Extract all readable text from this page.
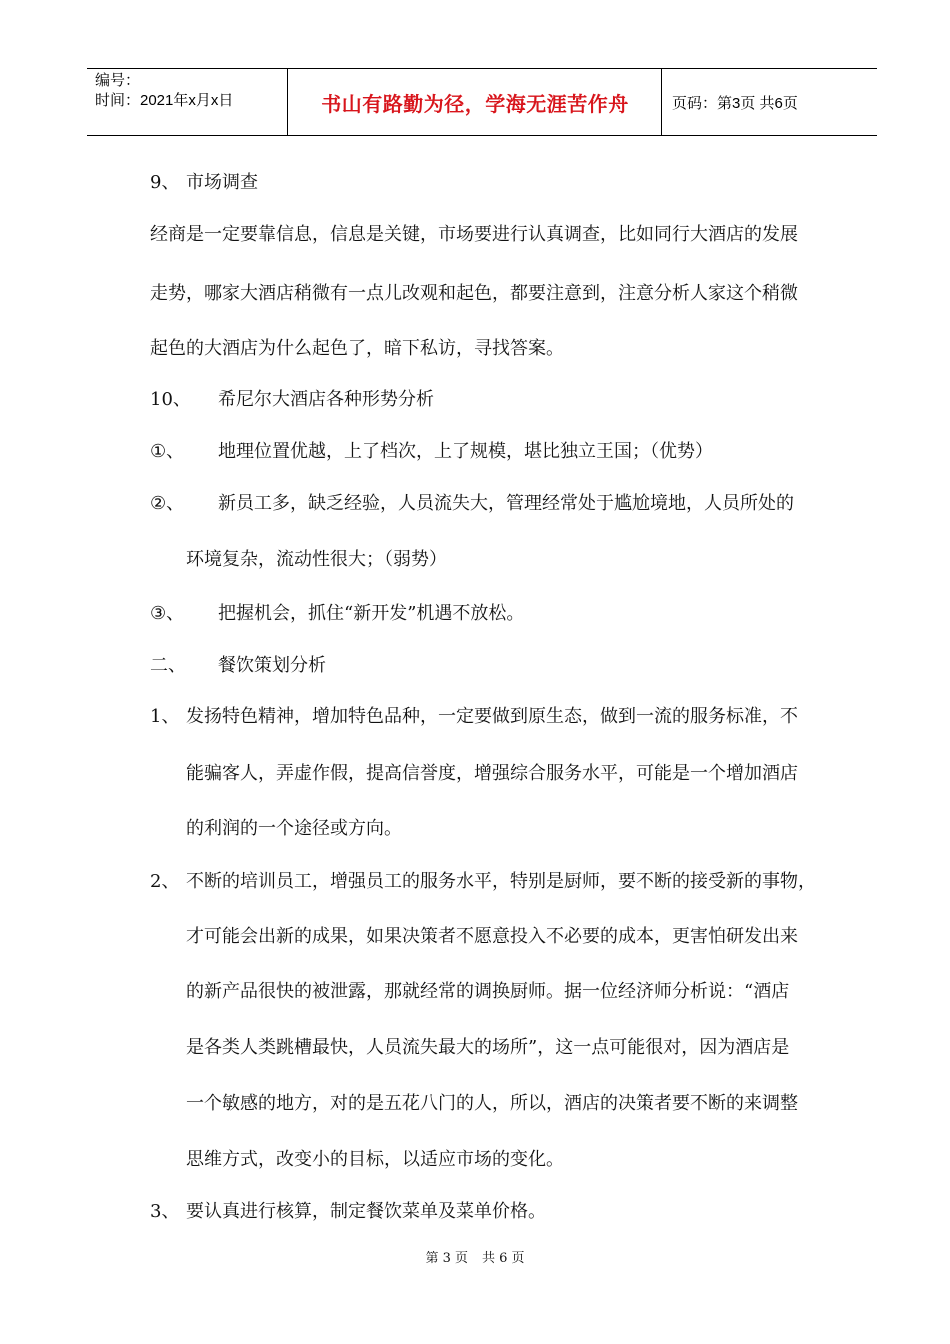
编号：
时间：2021年x月x日	书山有路勤为径，学海无涯苦作舟	页码：第3页 共6页
9、 市场调查
经商是一定要靠信息，信息是关键，市场要进行认真调查，比如同行大酒店的发展
走势，哪家大酒店稍微有一点儿改观和起色，都要注意到，注意分析人家这个稍微
起色的大酒店为什么起色了，暗下私访，寻找答案。
10、 希尼尔大酒店各种形势分析
①、 地理位置优越，上了档次，上了规模，堪比独立王国；（优势）
②、 新员工多，缺乏经验，人员流失大，管理经常处于尴尬境地，人员所处的
环境复杂，流动性很大；（弱势）
③、 把握机会，抓住“新开发”机遇不放松。
二、 餐饮策划分析
1、 发扬特色精神，增加特色品种，一定要做到原生态，做到一流的服务标准，不
能骗客人，弄虚作假，提高信誉度，增强综合服务水平，可能是一个增加酒店
的利润的一个途径或方向。
2、 不断的培训员工，增强员工的服务水平，特别是厨师，要不断的接受新的事物，
才可能会出新的成果，如果决策者不愿意投入不必要的成本，更害怕研发出来
的新产品很快的被泄露，那就经常的调换厨师。据一位经济师分析说：“酒店
是各类人类跳槽最快，人员流失最大的场所”，这一点可能很对，因为酒店是
一个敏感的地方，对的是五花八门的人，所以，酒店的决策者要不断的来调整
思维方式，改变小的目标，以适应市场的变化。
3、 要认真进行核算，制定餐饮菜单及菜单价格。
第 3 页 共 6 页
